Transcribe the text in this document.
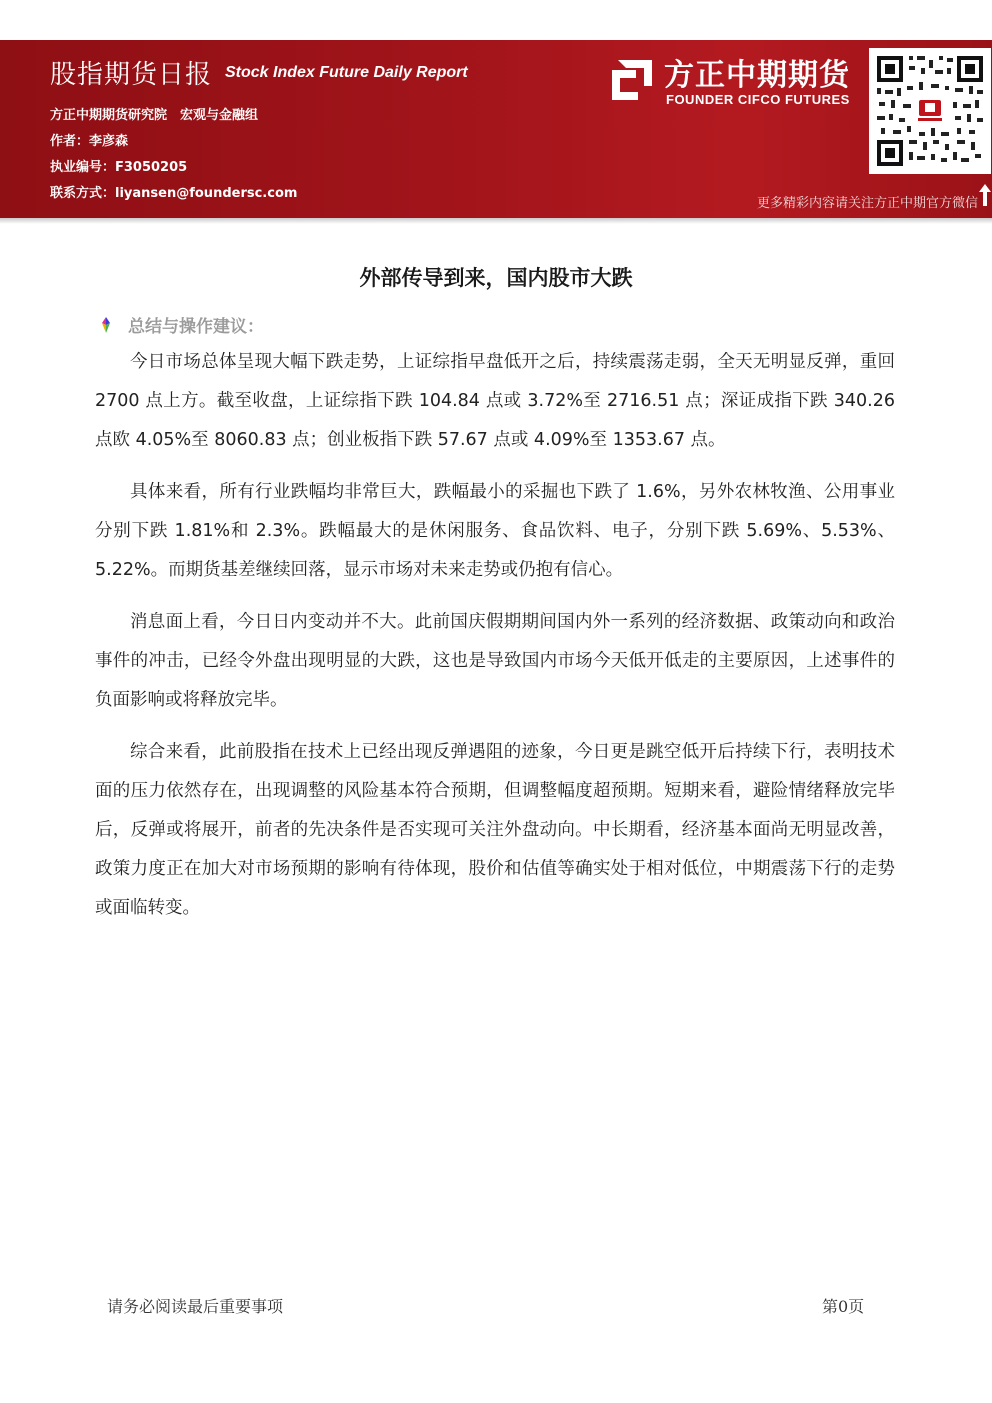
股指期货日报 Stock Index Future Daily Report
方正中期期货研究院　宏观与金融组
作者：李彦森
执业编号：F3050205
联系方式：liyansen@foundersc.com
方正中期期货
FOUNDER CIFCO FUTURES
更多精彩内容请关注方正中期官方微信
外部传导到来，国内股市大跌
总结与操作建议：

今日市场总体呈现大幅下跌走势，上证综指早盘低开之后，持续震荡走弱，全天无明显反弹，重回 2700 点上方。截至收盘，上证综指下跌 104.84 点或 3.72%至 2716.51 点；深证成指下跌 340.26 点欧 4.05%至 8060.83 点；创业板指下跌 57.67 点或 4.09%至 1353.67 点。

具体来看，所有行业跌幅均非常巨大，跌幅最小的采掘也下跌了 1.6%，另外农林牧渔、公用事业分别下跌 1.81%和 2.3%。跌幅最大的是休闲服务、食品饮料、电子，分别下跌 5.69%、5.53%、5.22%。而期货基差继续回落，显示市场对未来走势或仍抱有信心。

消息面上看，今日日内变动并不大。此前国庆假期期间国内外一系列的经济数据、政策动向和政治事件的冲击，已经令外盘出现明显的大跌，这也是导致国内市场今天低开低走的主要原因，上述事件的负面影响或将释放完毕。

综合来看，此前股指在技术上已经出现反弹遇阻的迹象，今日更是跳空低开后持续下行，表明技术面的压力依然存在，出现调整的风险基本符合预期，但调整幅度超预期。短期来看，避险情绪释放完毕后，反弹或将展开，前者的先决条件是否实现可关注外盘动向。中长期看，经济基本面尚无明显改善，政策力度正在加大对市场预期的影响有待体现，股价和估值等确实处于相对低位，中期震荡下行的走势或面临转变。

请务必阅读最后重要事项	第0页
